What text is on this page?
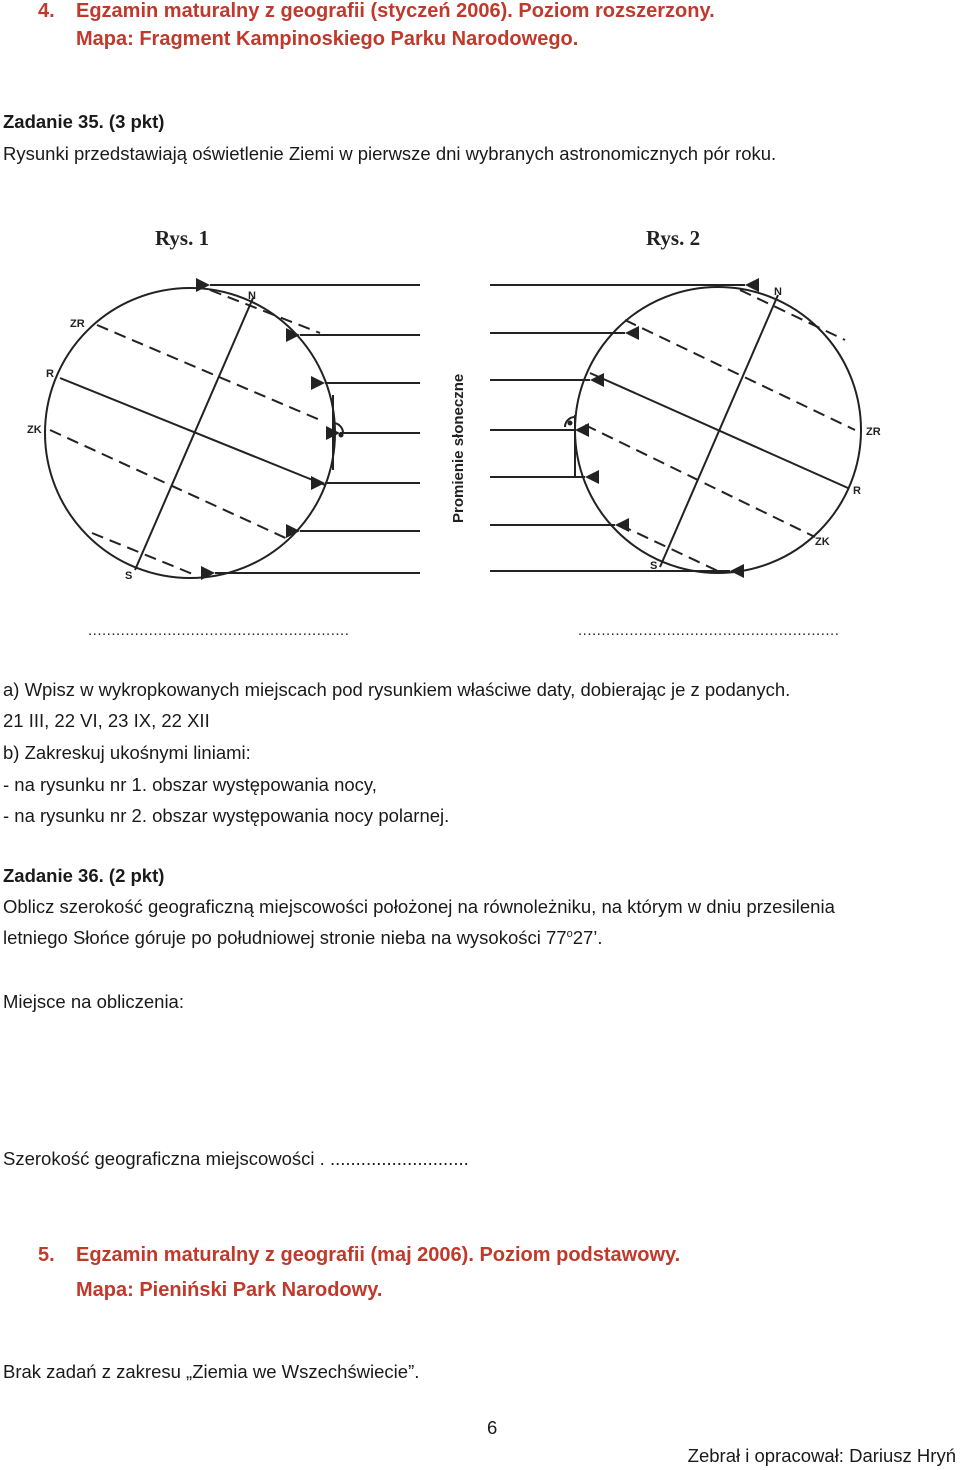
4. Egzamin maturalny z geografii (styczeń 2006). Poziom rozszerzony.
Mapa: Fragment Kampinoskiego Parku Narodowego.
Zadanie 35. (3 pkt)
Rysunki przedstawiają oświetlenie Ziemi w pierwsze dni wybranych astronomicznych pór roku.
Rys. 1	Rys. 2
N
ZR
R
ZK
S
Promienie słoneczne
N
ZR
R
ZK
S
........................................................	........................................................
a) Wpisz w wykropkowanych miejscach pod rysunkiem właściwe daty, dobierając je z podanych.
21 III, 22 VI, 23 IX, 22 XII
b) Zakreskuj ukośnymi liniami:
- na rysunku nr 1. obszar występowania nocy,
- na rysunku nr 2. obszar występowania nocy polarnej.
Zadanie 36. (2 pkt)
Oblicz szerokość geograficzną miejscowości położonej na równoleżniku, na którym w dniu przesilenia
letniego Słońce góruje po południowej stronie nieba na wysokości 77$^o$27’.
Miejsce na obliczenia:
Szerokość geograficzna miejscowości . ...........................
5. Egzamin maturalny z geografii (maj 2006). Poziom podstawowy.
Mapa: Pieniński Park Narodowy.
Brak zadań z zakresu „Ziemia we Wszechświecie”.
6
Zebrał i opracował: Dariusz Hryń
